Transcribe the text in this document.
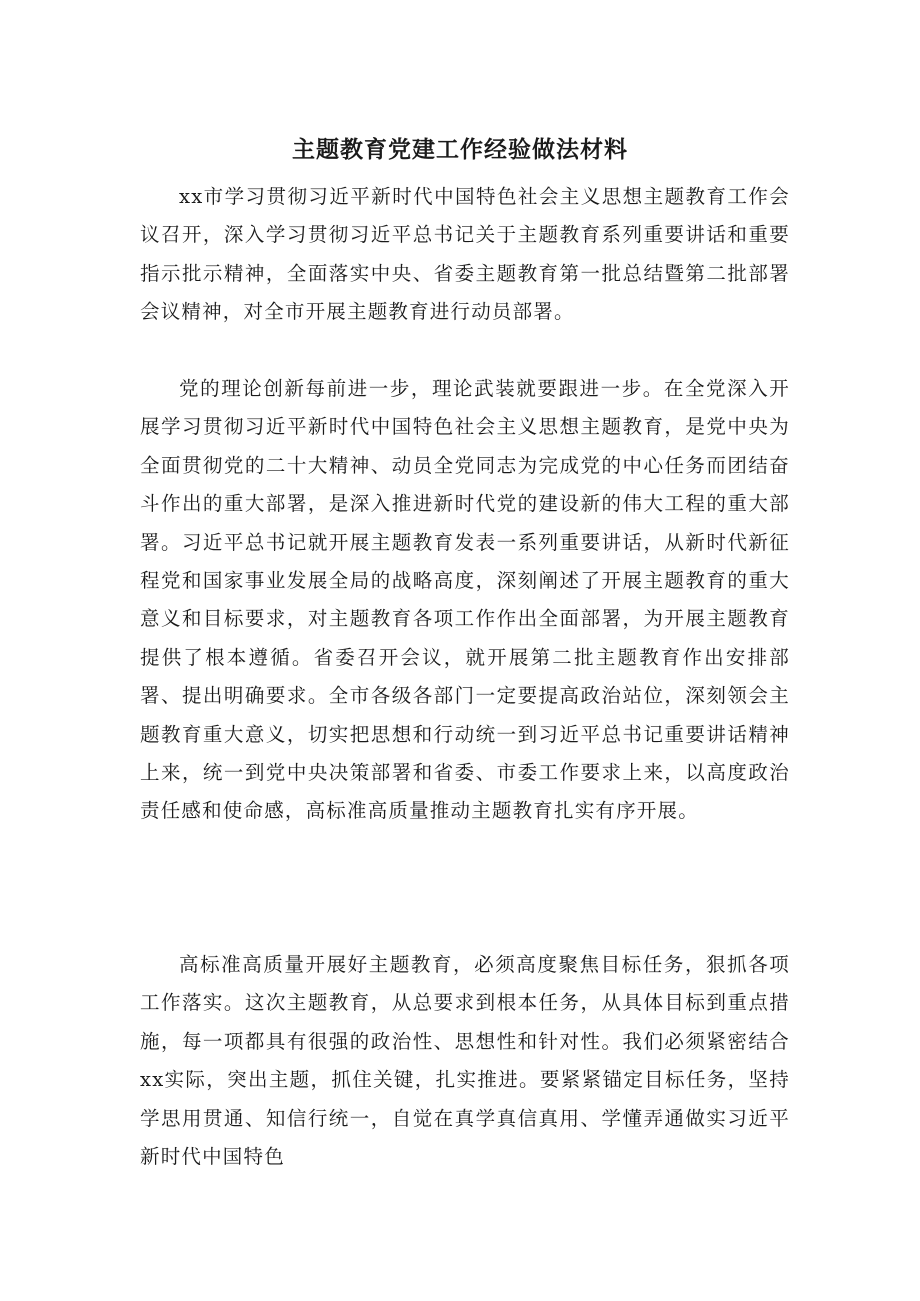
主题教育党建工作经验做法材料

xx市学习贯彻习近平新时代中国特色社会主义思想主题教育工作会议召开，深入学习贯彻习近平总书记关于主题教育系列重要讲话和重要指示批示精神，全面落实中央、省委主题教育第一批总结暨第二批部署会议精神，对全市开展主题教育进行动员部署。

党的理论创新每前进一步，理论武装就要跟进一步。在全党深入开展学习贯彻习近平新时代中国特色社会主义思想主题教育，是党中央为全面贯彻党的二十大精神、动员全党同志为完成党的中心任务而团结奋斗作出的重大部署，是深入推进新时代党的建设新的伟大工程的重大部署。习近平总书记就开展主题教育发表一系列重要讲话，从新时代新征程党和国家事业发展全局的战略高度，深刻阐述了开展主题教育的重大意义和目标要求，对主题教育各项工作作出全面部署，为开展主题教育提供了根本遵循。省委召开会议，就开展第二批主题教育作出安排部署、提出明确要求。全市各级各部门一定要提高政治站位，深刻领会主题教育重大意义，切实把思想和行动统一到习近平总书记重要讲话精神上来，统一到党中央决策部署和省委、市委工作要求上来，以高度政治责任感和使命感，高标准高质量推动主题教育扎实有序开展。

高标准高质量开展好主题教育，必须高度聚焦目标任务，狠抓各项工作落实。这次主题教育，从总要求到根本任务，从具体目标到重点措施，每一项都具有很强的政治性、思想性和针对性。我们必须紧密结合xx实际，突出主题，抓住关键，扎实推进。要紧紧锚定目标任务，坚持学思用贯通、知信行统一，自觉在真学真信真用、学懂弄通做实习近平新时代中国特色
